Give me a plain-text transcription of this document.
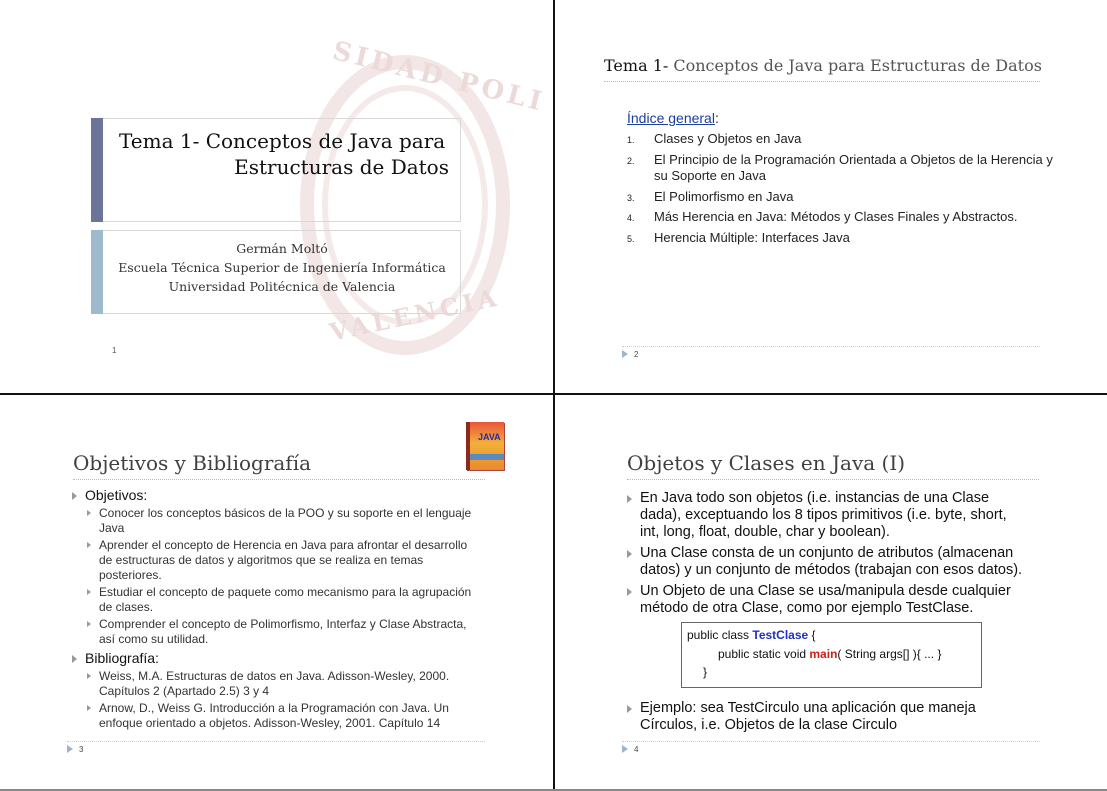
SIDAD POLI
VALENCIA
Tema 1- Conceptos de Java para
Estructuras de Datos
Germán Moltó
Escuela Técnica Superior de Ingeniería Informática
Universidad Politécnica de Valencia
1
Tema 1- Conceptos de Java para Estructuras de Datos
Índice general:
1. Clases y Objetos en Java
2. El Principio de la Programación Orientada a Objetos de la Herencia y su Soporte en Java
3. El Polimorfismo en Java
4. Más Herencia en Java: Métodos y Clases Finales y Abstractos.
5. Herencia Múltiple: Interfaces Java
2
Objetivos y Bibliografía
JAVA
Objetivos:
Conocer los conceptos básicos de la POO y su soporte en el lenguaje Java
Aprender el concepto de Herencia en Java para afrontar el desarrollo de estructuras de datos y algoritmos que se realiza en temas posteriores.
Estudiar el concepto de paquete como mecanismo para la agrupación de clases.
Comprender el concepto de Polimorfismo, Interfaz y Clase Abstracta, así como su utilidad.
Bibliografía:
Weiss, M.A. Estructuras de datos en Java. Adisson-Wesley, 2000. Capítulos 2 (Apartado 2.5) 3 y 4
Arnow, D., Weiss G. Introducción a la Programación con Java. Un enfoque orientado a objetos. Adisson-Wesley, 2001. Capítulo 14
3
Objetos y Clases en Java (I)
En Java todo son objetos (i.e. instancias de una Clase dada), exceptuando los 8 tipos primitivos (i.e. byte, short, int, long, float, double, char y boolean).
Una Clase consta de un conjunto de atributos (almacenan datos) y un conjunto de métodos (trabajan con esos datos).
Un Objeto de una Clase se usa/manipula desde cualquier método de otra Clase, como por ejemplo TestClase.
public class TestClase {
public static void main( String args[] ){ ... }
}
Ejemplo: sea TestCirculo una aplicación que maneja Círculos, i.e. Objetos de la clase Circulo
4
